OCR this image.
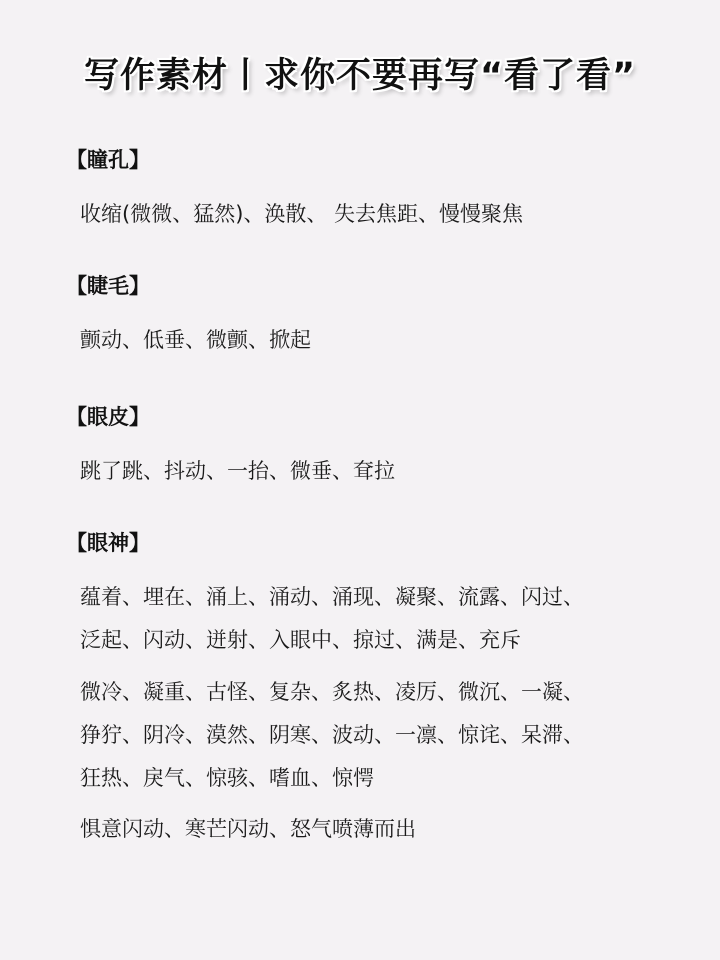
写作素材丨求你不要再写“看了看”
【瞳孔】
收缩(微微、猛然)、涣散、 失去焦距、慢慢聚焦
【睫毛】
颤动、低垂、微颤、掀起
【眼皮】
跳了跳、抖动、一抬、微垂、耷拉
【眼神】
蕴着、埋在、涌上、涌动、涌现、凝聚、流露、闪过、
泛起、闪动、迸射、入眼中、掠过、满是、充斥
微冷、凝重、古怪、复杂、炙热、凌厉、微沉、一凝、
狰狞、阴冷、漠然、阴寒、波动、一凛、惊诧、呆滞、
狂热、戾气、惊骇、嗜血、惊愕
惧意闪动、寒芒闪动、怒气喷薄而出
